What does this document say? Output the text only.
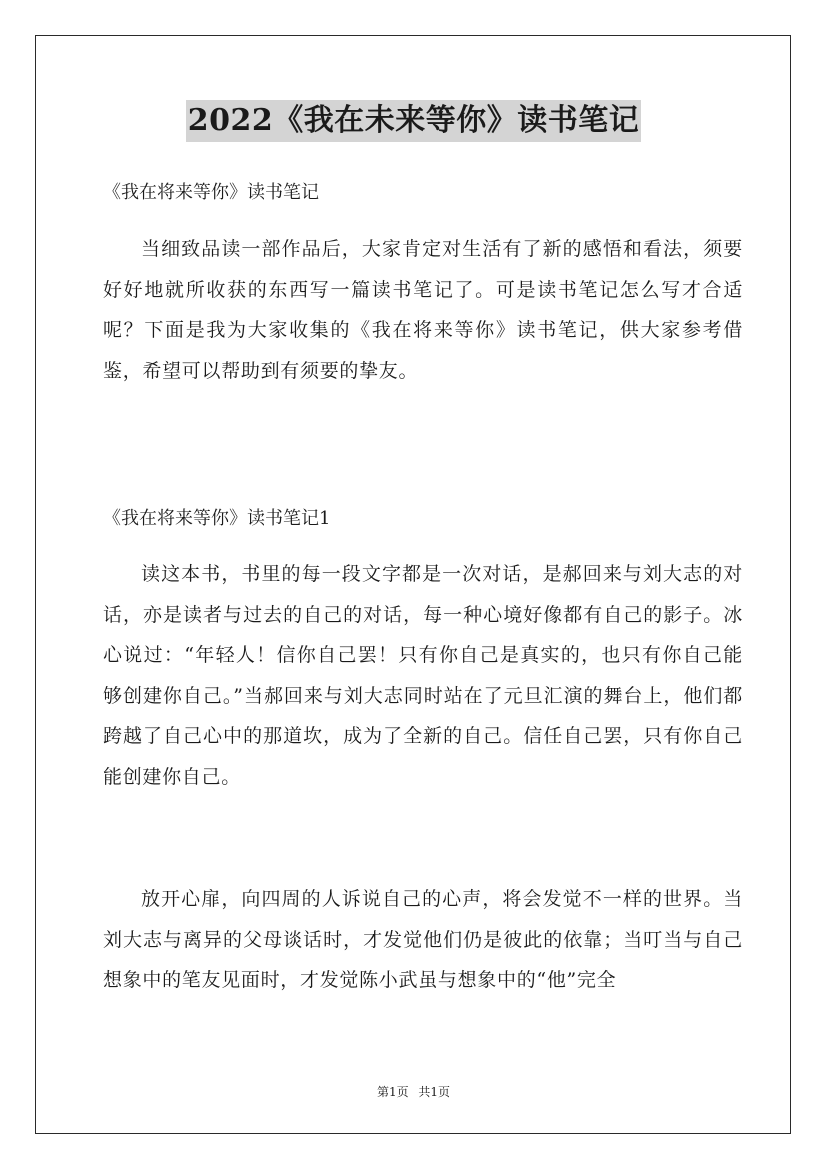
2022《我在未来等你》读书笔记
《我在将来等你》读书笔记
当细致品读一部作品后，大家肯定对生活有了新的感悟和看法，须要好好地就所收获的东西写一篇读书笔记了。可是读书笔记怎么写才合适呢？下面是我为大家收集的《我在将来等你》读书笔记，供大家参考借鉴，希望可以帮助到有须要的挚友。
《我在将来等你》读书笔记1
读这本书，书里的每一段文字都是一次对话，是郝回来与刘大志的对话，亦是读者与过去的自己的对话，每一种心境好像都有自己的影子。冰心说过：“年轻人！信你自己罢！只有你自己是真实的，也只有你自己能够创建你自己。”当郝回来与刘大志同时站在了元旦汇演的舞台上，他们都跨越了自己心中的那道坎，成为了全新的自己。信任自己罢，只有你自己能创建你自己。
放开心扉，向四周的人诉说自己的心声，将会发觉不一样的世界。当刘大志与离异的父母谈话时，才发觉他们仍是彼此的依靠；当叮当与自己想象中的笔友见面时，才发觉陈小武虽与想象中的“他”完全
第1页 共1页
